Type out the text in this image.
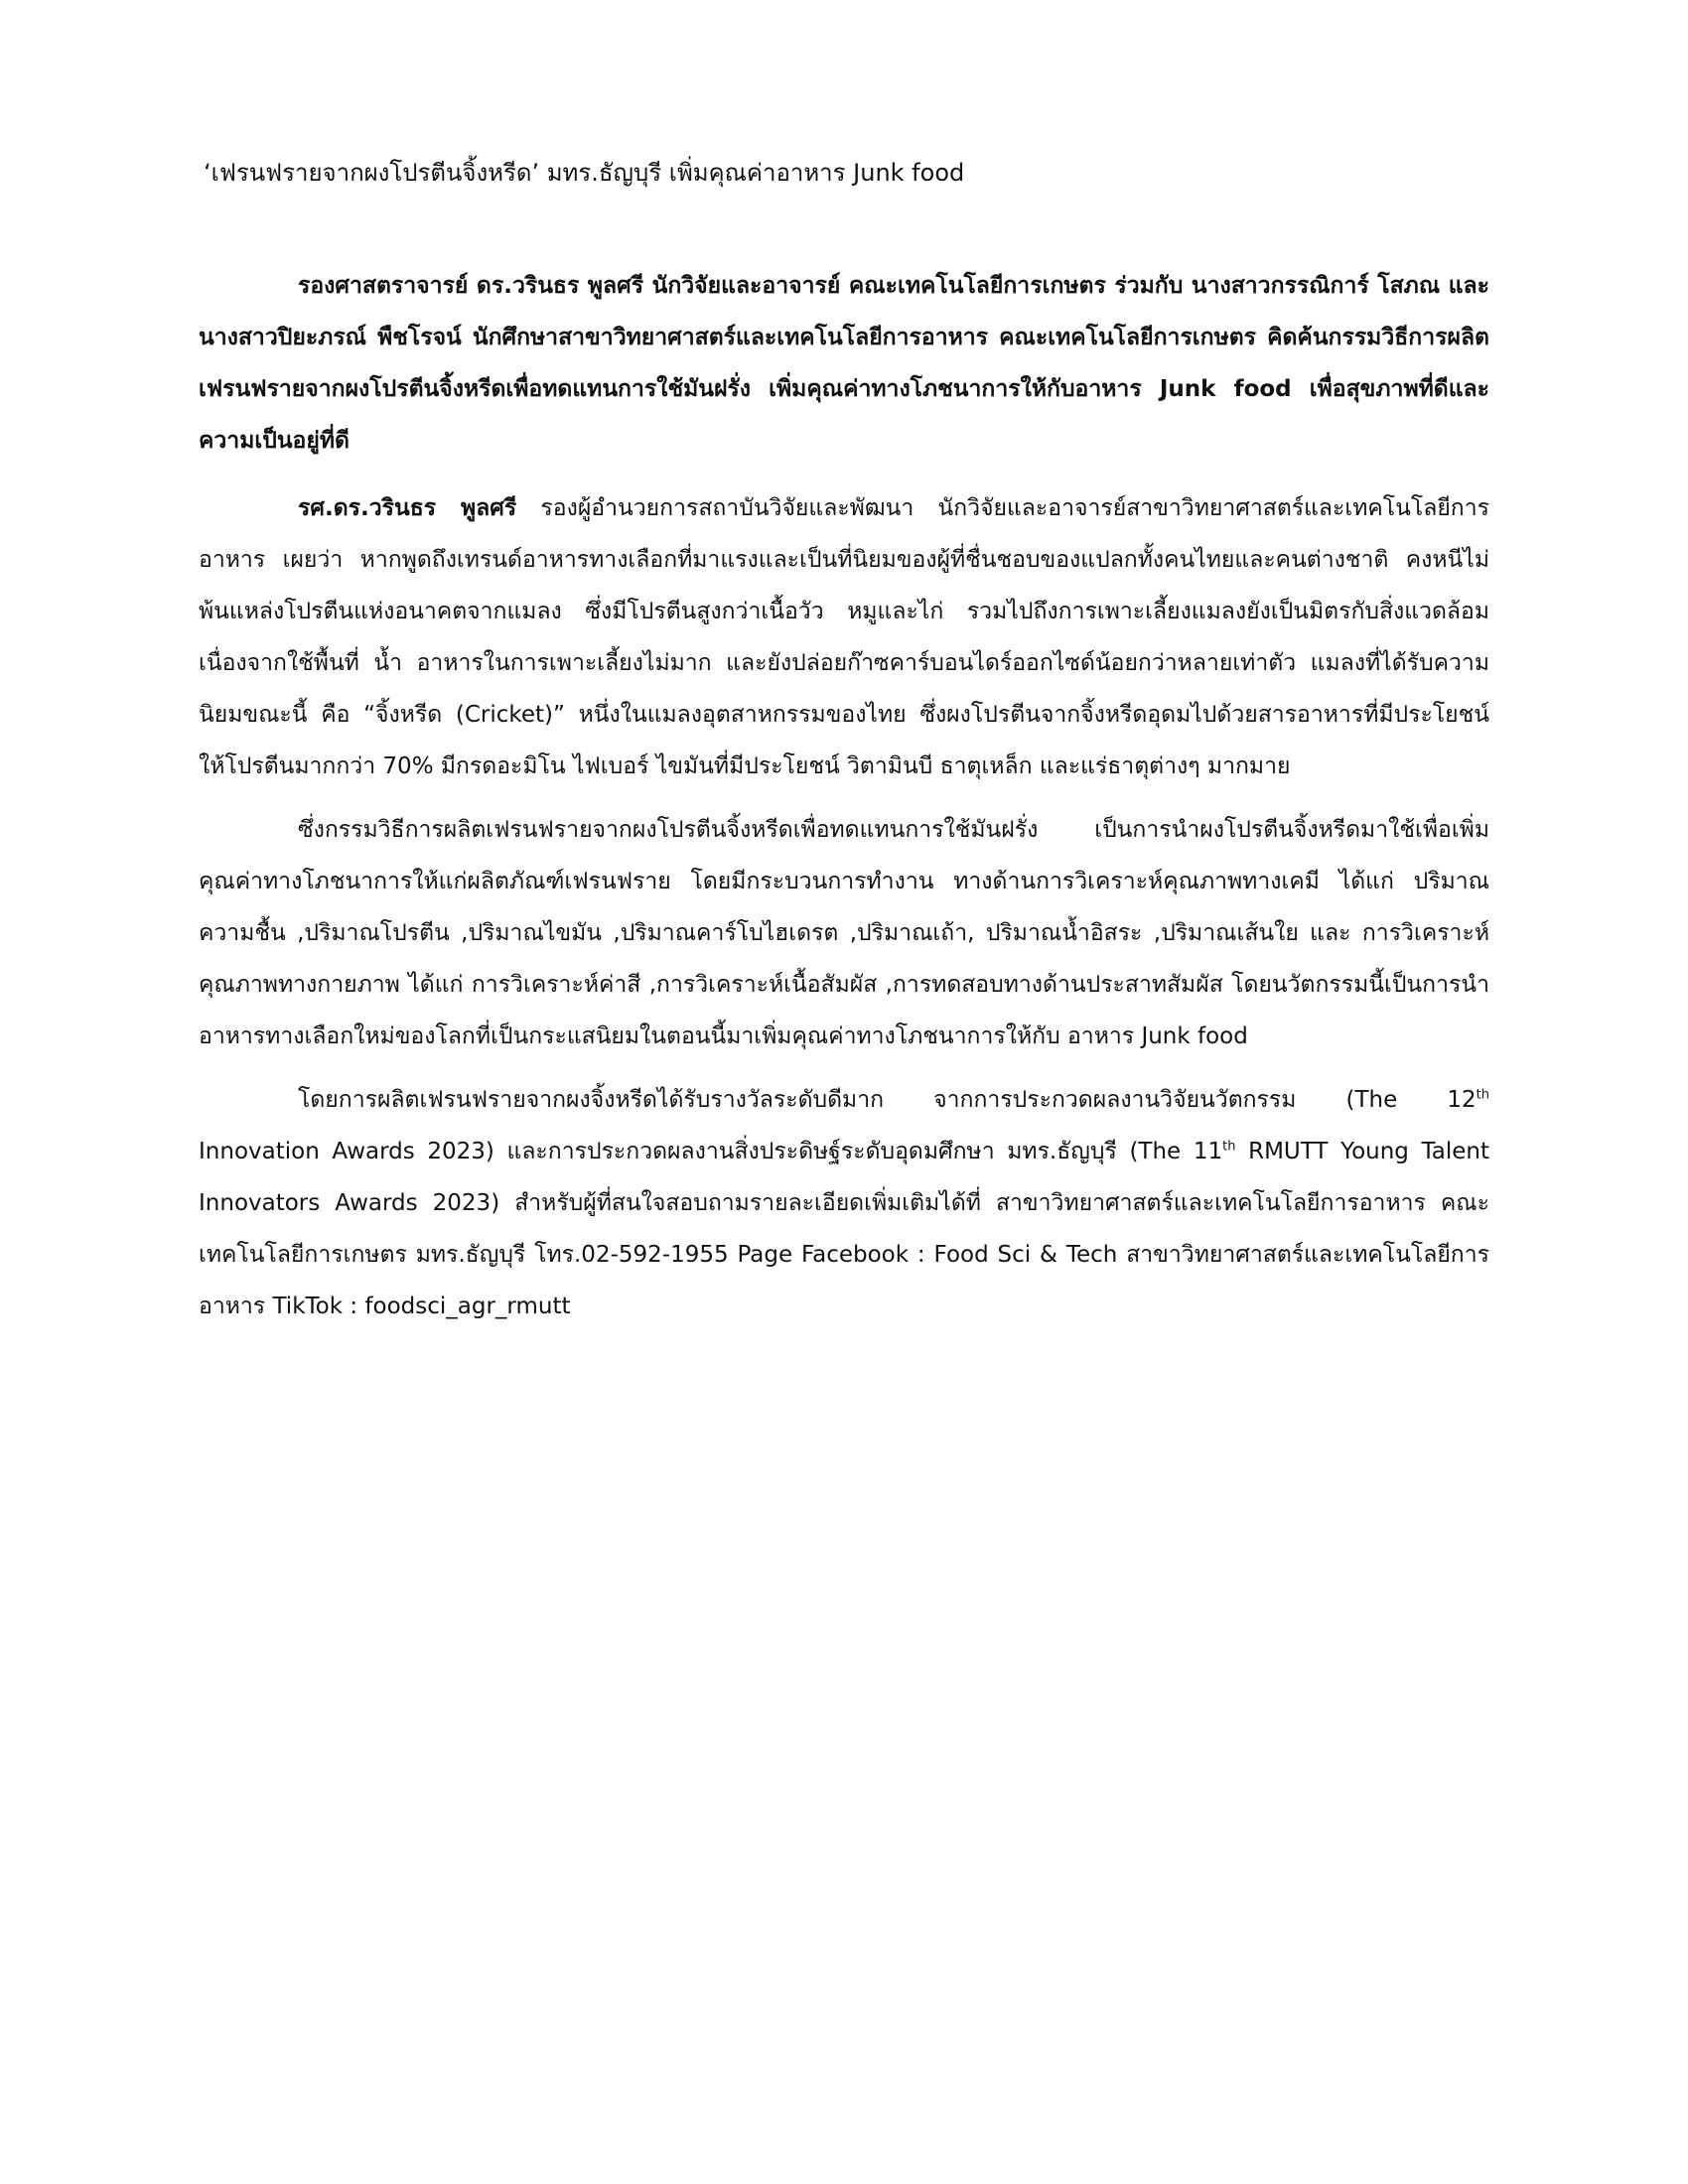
‘เฟรนฟรายจากผงโปรตีนจิ้งหรีด’ มทร.ธัญบุรี เพิ่มคุณค่าอาหาร Junk food

รองศาสตราจารย์ ดร.วรินธร พูลศรี นักวิจัยและอาจารย์ คณะเทคโนโลยีการเกษตร ร่วมกับ นางสาวกรรณิการ์ โสภณ และ นางสาวปิยะภรณ์ พืชโรจน์ นักศึกษาสาขาวิทยาศาสตร์และเทคโนโลยีการอาหาร คณะเทคโนโลยีการเกษตร คิดค้นกรรมวิธีการผลิตเฟรนฟรายจากผงโปรตีนจิ้งหรีดเพื่อทดแทนการใช้มันฝรั่ง เพิ่มคุณค่าทางโภชนาการให้กับอาหาร Junk food เพื่อสุขภาพที่ดีและความเป็นอยู่ที่ดี

รศ.ดร.วรินธร พูลศรี รองผู้อำนวยการสถาบันวิจัยและพัฒนา นักวิจัยและอาจารย์สาขาวิทยาศาสตร์และเทคโนโลยีการอาหาร เผยว่า หากพูดถึงเทรนด์อาหารทางเลือกที่มาแรงและเป็นที่นิยมของผู้ที่ชื่นชอบของแปลกทั้งคนไทยและคนต่างชาติ คงหนีไม่พ้นแหล่งโปรตีนแห่งอนาคตจากแมลง ซึ่งมีโปรตีนสูงกว่าเนื้อวัว หมูและไก่ รวมไปถึงการเพาะเลี้ยงแมลงยังเป็นมิตรกับสิ่งแวดล้อม เนื่องจากใช้พื้นที่ น้ำ อาหารในการเพาะเลี้ยงไม่มาก และยังปล่อยก๊าซคาร์บอนไดร์ออกไซด์น้อยกว่าหลายเท่าตัว แมลงที่ได้รับความนิยมขณะนี้ คือ “จิ้งหรีด (Cricket)” หนึ่งในแมลงอุตสาหกรรมของไทย ซึ่งผงโปรตีนจากจิ้งหรีดอุดมไปด้วยสารอาหารที่มีประโยชน์ ให้โปรตีนมากกว่า 70% มีกรดอะมิโน ไฟเบอร์ ไขมันที่มีประโยชน์ วิตามินบี ธาตุเหล็ก และแร่ธาตุต่างๆ มากมาย

ซึ่งกรรมวิธีการผลิตเฟรนฟรายจากผงโปรตีนจิ้งหรีดเพื่อทดแทนการใช้มันฝรั่ง เป็นการนำผงโปรตีนจิ้งหรีดมาใช้เพื่อเพิ่มคุณค่าทางโภชนาการให้แก่ผลิตภัณฑ์เฟรนฟราย โดยมีกระบวนการทำงาน ทางด้านการวิเคราะห์คุณภาพทางเคมี ได้แก่ ปริมาณความชื้น ,ปริมาณโปรตีน ,ปริมาณไขมัน ,ปริมาณคาร์โบไฮเดรต ,ปริมาณเถ้า, ปริมาณน้ำอิสระ ,ปริมาณเส้นใย และ การวิเคราะห์คุณภาพทางกายภาพ ได้แก่ การวิเคราะห์ค่าสี ,การวิเคราะห์เนื้อสัมผัส ,การทดสอบทางด้านประสาทสัมผัส โดยนวัตกรรมนี้เป็นการนำอาหารทางเลือกใหม่ของโลกที่เป็นกระแสนิยมในตอนนี้มาเพิ่มคุณค่าทางโภชนาการให้กับ อาหาร Junk food

โดยการผลิตเฟรนฟรายจากผงจิ้งหรีดได้รับรางวัลระดับดีมาก จากการประกวดผลงานวิจัยนวัตกรรม (The 12th Innovation Awards 2023) และการประกวดผลงานสิ่งประดิษฐ์ระดับอุดมศึกษา มทร.ธัญบุรี (The 11th RMUTT Young Talent Innovators Awards 2023) สำหรับผู้ที่สนใจสอบถามรายละเอียดเพิ่มเติมได้ที่ สาขาวิทยาศาสตร์และเทคโนโลยีการอาหาร คณะเทคโนโลยีการเกษตร มทร.ธัญบุรี โทร.02-592-1955 Page Facebook : Food Sci & Tech สาขาวิทยาศาสตร์และเทคโนโลยีการอาหาร TikTok : foodsci_agr_rmutt
